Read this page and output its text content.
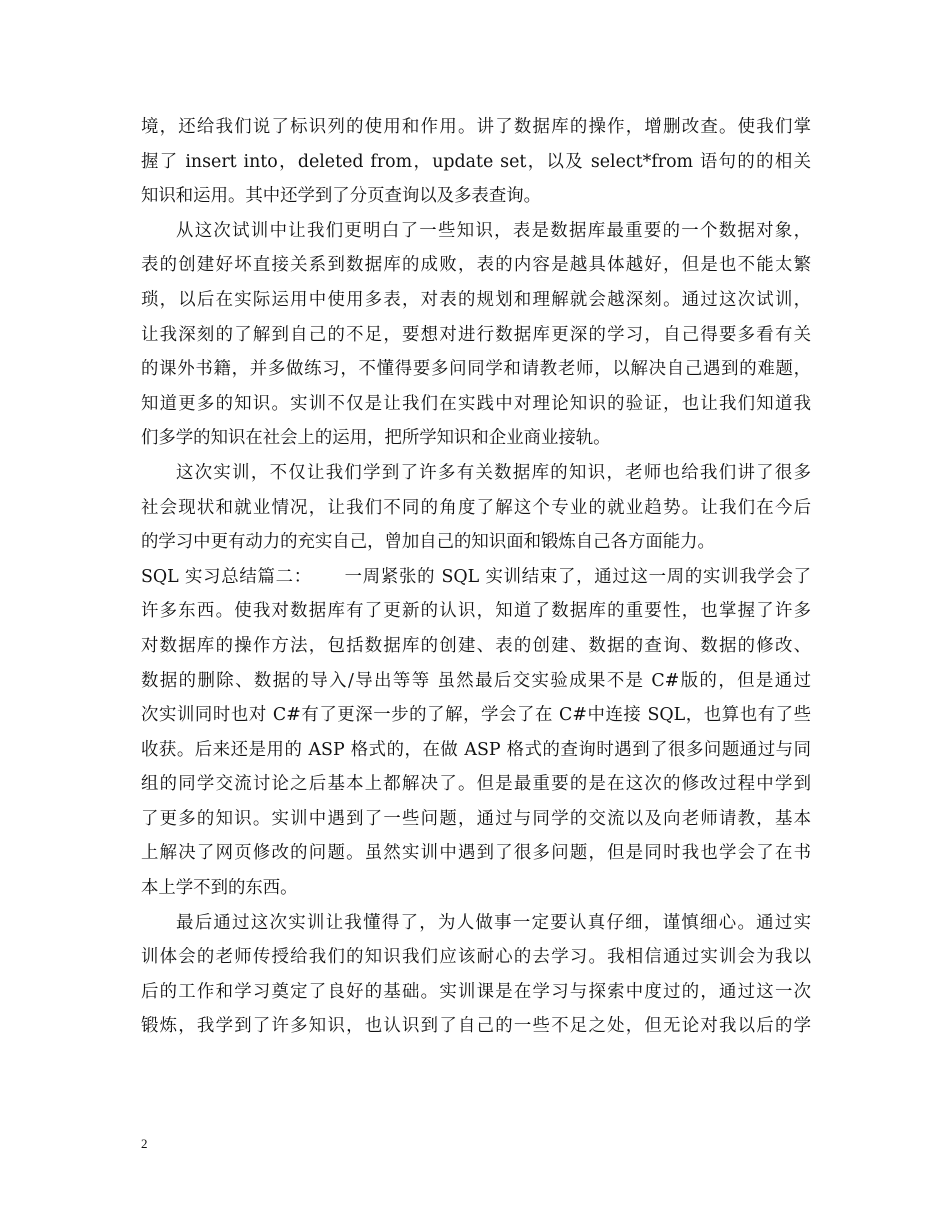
境，还给我们说了标识列的使用和作用。讲了数据库的操作，增删改查。使我们掌
握了 insert into，deleted from，update set，以及 select*from 语句的的相关
知识和运用。其中还学到了分页查询以及多表查询。
从这次试训中让我们更明白了一些知识，表是数据库最重要的一个数据对象，
表的创建好坏直接关系到数据库的成败，表的内容是越具体越好，但是也不能太繁
琐，以后在实际运用中使用多表，对表的规划和理解就会越深刻。通过这次试训，
让我深刻的了解到自己的不足，要想对进行数据库更深的学习，自己得要多看有关
的课外书籍，并多做练习，不懂得要多问同学和请教老师，以解决自己遇到的难题，
知道更多的知识。实训不仅是让我们在实践中对理论知识的验证，也让我们知道我
们多学的知识在社会上的运用，把所学知识和企业商业接轨。
这次实训，不仅让我们学到了许多有关数据库的知识，老师也给我们讲了很多
社会现状和就业情况，让我们不同的角度了解这个专业的就业趋势。让我们在今后
的学习中更有动力的充实自己，曾加自己的知识面和锻炼自己各方面能力。
SQL 实习总结篇二： 一周紧张的 SQL 实训结束了，通过这一周的实训我学会了
许多东西。使我对数据库有了更新的认识，知道了数据库的重要性，也掌握了许多
对数据库的操作方法，包括数据库的创建、表的创建、数据的查询、数据的修改、
数据的删除、数据的导入/导出等等 虽然最后交实验成果不是 C#版的，但是通过
次实训同时也对 C#有了更深一步的了解，学会了在 C#中连接 SQL，也算也有了些
收获。后来还是用的 ASP 格式的，在做 ASP 格式的查询时遇到了很多问题通过与同
组的同学交流讨论之后基本上都解决了。但是最重要的是在这次的修改过程中学到
了更多的知识。实训中遇到了一些问题，通过与同学的交流以及向老师请教，基本
上解决了网页修改的问题。虽然实训中遇到了很多问题，但是同时我也学会了在书
本上学不到的东西。
最后通过这次实训让我懂得了，为人做事一定要认真仔细，谨慎细心。通过实
训体会的老师传授给我们的知识我们应该耐心的去学习。我相信通过实训会为我以
后的工作和学习奠定了良好的基础。实训课是在学习与探索中度过的，通过这一次
锻炼，我学到了许多知识，也认识到了自己的一些不足之处，但无论对我以后的学
2
